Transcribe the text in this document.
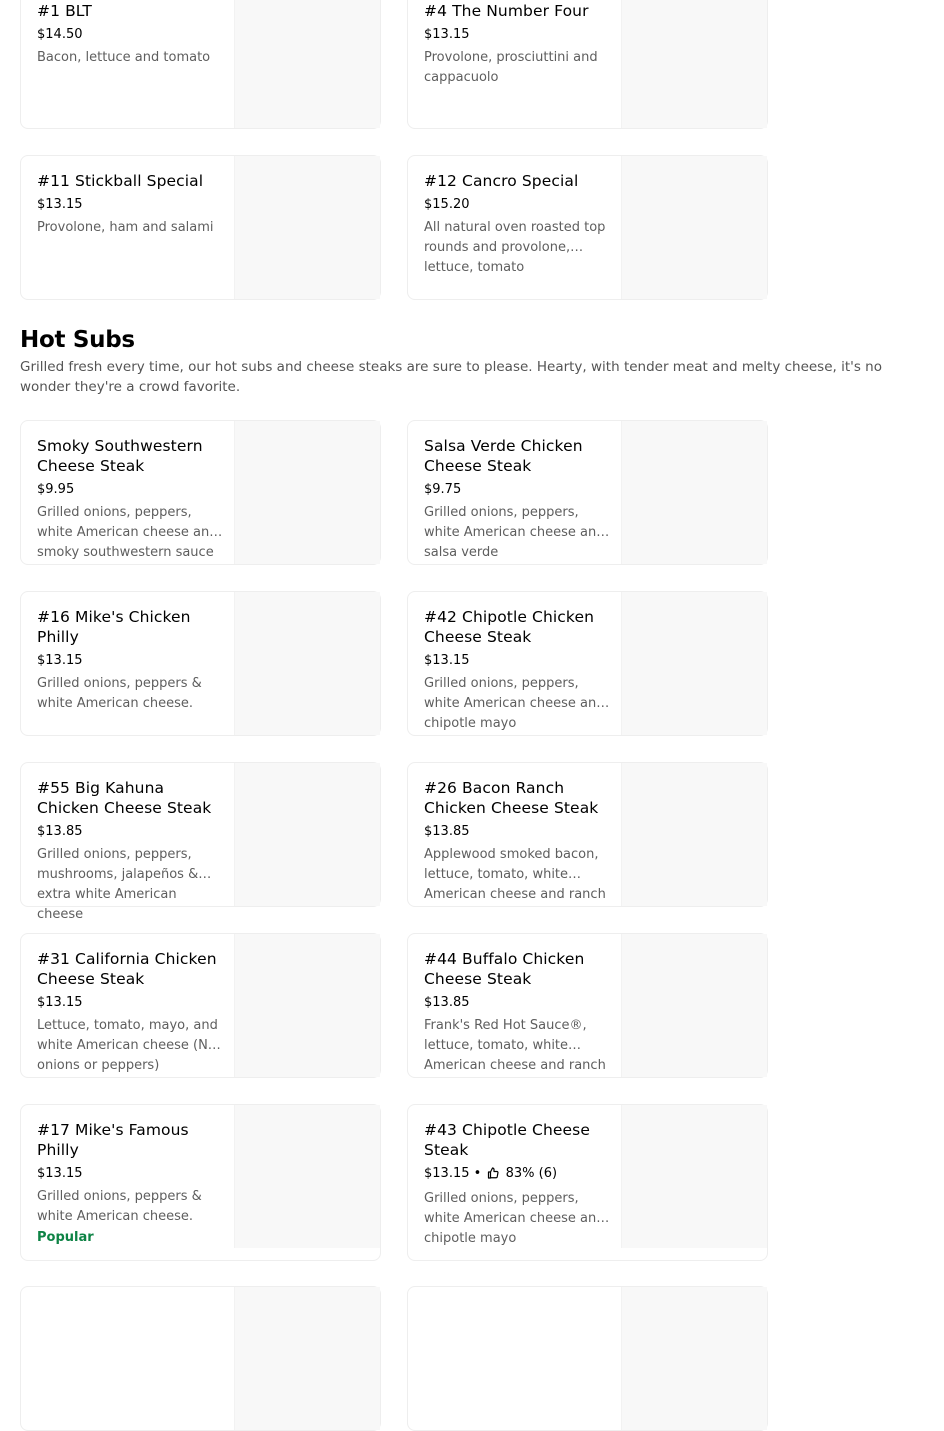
#1 BLT
$14.50
Bacon, lettuce and tomato
#4 The Number Four
$13.15
Provolone, prosciuttini and cappacuolo
#11 Stickball Special
$13.15
Provolone, ham and salami
#12 Cancro Special
$15.20
All natural oven roasted top rounds and provolone, lettuce, tomato
Hot Subs

Grilled fresh every time, our hot subs and cheese steaks are sure to please. Hearty, with tender meat and melty cheese, it's no wonder they're a crowd favorite.

Smoky Southwestern Cheese Steak
$9.95
Grilled onions, peppers, white American cheese and smoky southwestern sauce
Salsa Verde Chicken Cheese Steak
$9.75
Grilled onions, peppers, white American cheese and salsa verde
#16 Mike's Chicken Philly
$13.15
Grilled onions, peppers & white American cheese.
#42 Chipotle Chicken Cheese Steak
$13.15
Grilled onions, peppers, white American cheese and chipotle mayo
#55 Big Kahuna Chicken Cheese Steak
$13.85
Grilled onions, peppers, mushrooms, jalapeños & extra white American cheese
#26 Bacon Ranch Chicken Cheese Steak
$13.85
Applewood smoked bacon, lettuce, tomato, white American cheese and ranch
#31 California Chicken Cheese Steak
$13.15
Lettuce, tomato, mayo, and white American cheese (No onions or peppers)
#44 Buffalo Chicken Cheese Steak
$13.85
Frank's Red Hot Sauce®, lettuce, tomato, white American cheese and ranch
#17 Mike's Famous Philly
$13.15
Grilled onions, peppers & white American cheese.
Popular
#43 Chipotle Cheese Steak
$13.15 •  83% (6)
Grilled onions, peppers, white American cheese and chipotle mayo
